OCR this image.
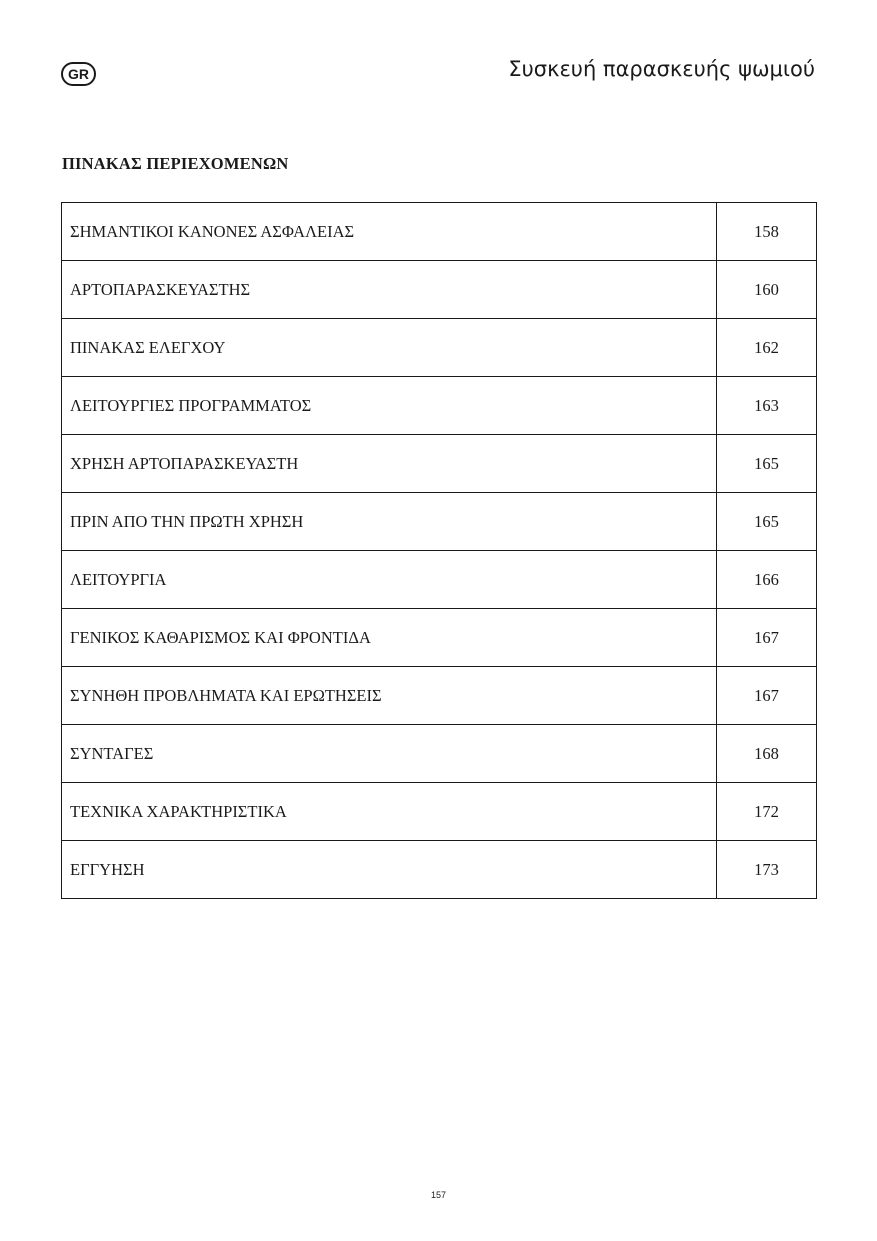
GR	Συσκευή παρασκευής ψωμιού
ΠΙΝΑΚΑΣ ΠΕΡΙΕΧΟΜΕΝΩΝ
ΣΗΜΑΝΤΙΚΟΙ ΚΑΝΟΝΕΣ ΑΣΦΑΛΕΙΑΣ	158
ΑΡΤΟΠΑΡΑΣΚΕΥΑΣΤΗΣ	160
ΠΙΝΑΚΑΣ ΕΛΕΓΧΟΥ	162
ΛΕΙΤΟΥΡΓΙΕΣ ΠΡΟΓΡΑΜΜΑΤΟΣ	163
ΧΡΗΣΗ ΑΡΤΟΠΑΡΑΣΚΕΥΑΣΤΗ	165
ΠΡΙΝ ΑΠΟ ΤΗΝ ΠΡΩΤΗ ΧΡΗΣΗ	165
ΛΕΙΤΟΥΡΓΙΑ	166
ΓΕΝΙΚΟΣ ΚΑΘΑΡΙΣΜΟΣ ΚΑΙ ΦΡΟΝΤΙΔΑ	167
ΣΥΝΗΘΗ ΠΡΟΒΛΗΜΑΤΑ ΚΑΙ ΕΡΩΤΗΣΕΙΣ	167
ΣΥΝΤΑΓΕΣ	168
ΤΕΧΝΙΚΑ ΧΑΡΑΚΤΗΡΙΣΤΙΚΑ	172
ΕΓΓΥΗΣΗ	173
157
